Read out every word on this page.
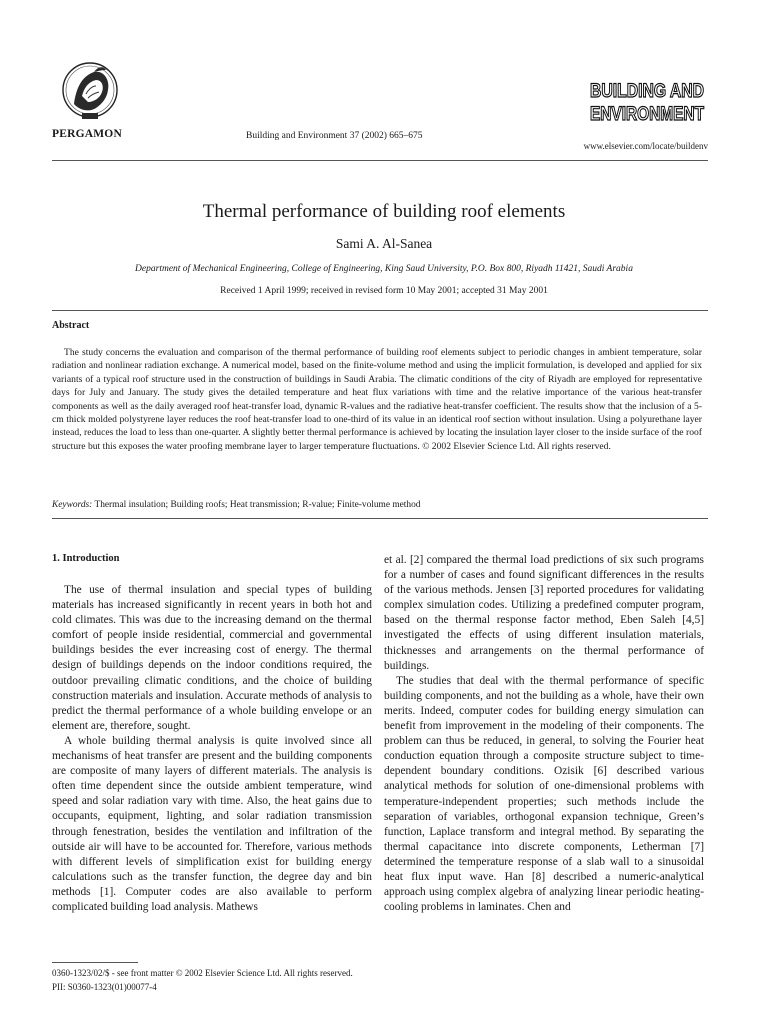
PERGAMON	Building and Environment 37 (2002) 665–675
BUILDING AND
ENVIRONMENT
www.elsevier.com/locate/buildenv
Thermal performance of building roof elements
Sami A. Al-Sanea
Department of Mechanical Engineering, College of Engineering, King Saud University, P.O. Box 800, Riyadh 11421, Saudi Arabia
Received 1 April 1999; received in revised form 10 May 2001; accepted 31 May 2001
Abstract

The study concerns the evaluation and comparison of the thermal performance of building roof elements subject to periodic changes in ambient temperature, solar radiation and nonlinear radiation exchange. A numerical model, based on the finite-volume method and using the implicit formulation, is developed and applied for six variants of a typical roof structure used in the construction of buildings in Saudi Arabia. The climatic conditions of the city of Riyadh are employed for representative days for July and January. The study gives the detailed temperature and heat flux variations with time and the relative importance of the various heat-transfer components as well as the daily averaged roof heat-transfer load, dynamic R-values and the radiative heat-transfer coefficient. The results show that the inclusion of a 5-cm thick molded polystyrene layer reduces the roof heat-transfer load to one-third of its value in an identical roof section without insulation. Using a polyurethane layer instead, reduces the load to less than one-quarter. A slightly better thermal performance is achieved by locating the insulation layer closer to the inside surface of the roof structure but this exposes the water proofing membrane layer to larger temperature fluctuations. © 2002 Elsevier Science Ltd. All rights reserved.

Keywords: Thermal insulation; Building roofs; Heat transmission; R-value; Finite-volume method
1. Introduction

The use of thermal insulation and special types of building materials has increased significantly in recent years in both hot and cold climates. This was due to the increasing demand on the thermal comfort of people inside residential, commercial and governmental buildings besides the ever increasing cost of energy. The thermal design of buildings depends on the indoor conditions required, the outdoor prevailing climatic conditions, and the choice of building construction materials and insulation. Accurate methods of analysis to predict the thermal performance of a whole building envelope or an element are, therefore, sought.

A whole building thermal analysis is quite involved since all mechanisms of heat transfer are present and the building components are composite of many layers of different materials. The analysis is often time dependent since the outside ambient temperature, wind speed and solar radiation vary with time. Also, the heat gains due to occupants, equipment, lighting, and solar radiation transmission through fenestration, besides the ventilation and infiltration of the outside air will have to be accounted for. Therefore, various methods with different levels of simplification exist for building energy calculations such as the transfer function, the degree day and bin methods [1]. Computer codes are also available to perform complicated building load analysis. Mathews

et al. [2] compared the thermal load predictions of six such programs for a number of cases and found significant differences in the results of the various methods. Jensen [3] reported procedures for validating complex simulation codes. Utilizing a predefined computer program, based on the thermal response factor method, Eben Saleh [4,5] investigated the effects of using different insulation materials, thicknesses and arrangements on the thermal performance of buildings.

The studies that deal with the thermal performance of specific building components, and not the building as a whole, have their own merits. Indeed, computer codes for building energy simulation can benefit from improvement in the modeling of their components. The problem can thus be reduced, in general, to solving the Fourier heat conduction equation through a composite structure subject to time-dependent boundary conditions. Ozisik [6] described various analytical methods for solution of one-dimensional problems with temperature-independent properties; such methods include the separation of variables, orthogonal expansion technique, Green’s function, Laplace transform and integral method. By separating the thermal capacitance into discrete components, Letherman [7] determined the temperature response of a slab wall to a sinusoidal heat flux input wave. Han [8] described a numeric-analytical approach using complex algebra of analyzing linear periodic heating-cooling problems in laminates. Chen and

0360-1323/02/$ - see front matter © 2002 Elsevier Science Ltd. All rights reserved.
PII: S0360-1323(01)00077-4
